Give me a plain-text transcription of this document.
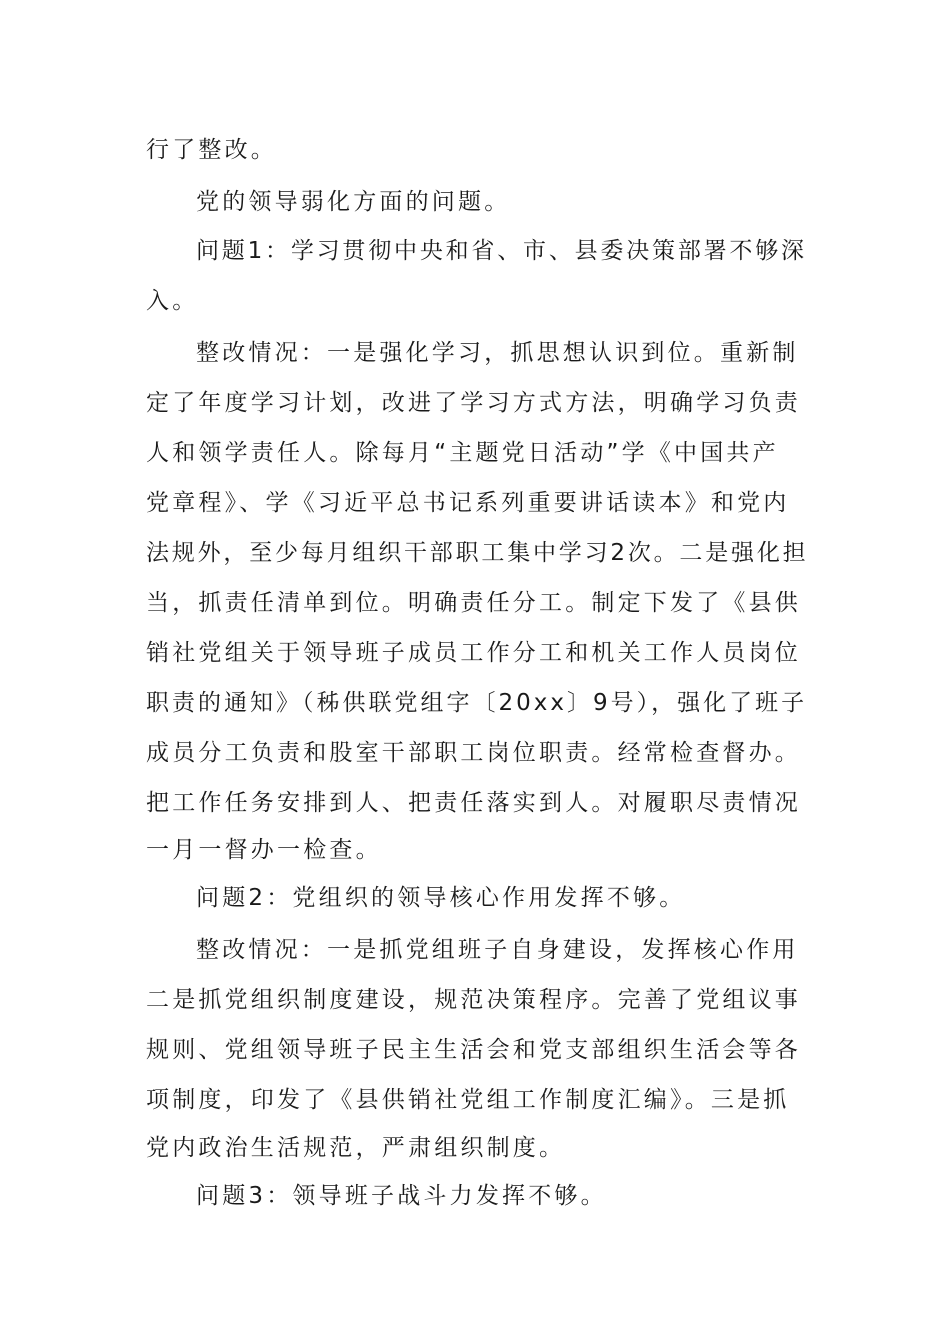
行了整改。

党的领导弱化方面的问题。

问题1：学习贯彻中央和省、市、县委决策部署不够深

入。

整改情况：一是强化学习，抓思想认识到位。重新制

定了年度学习计划，改进了学习方式方法，明确学习负责

人和领学责任人。除每月“主题党日活动”学《中国共产

党章程》、学《习近平总书记系列重要讲话读本》和党内

法规外，至少每月组织干部职工集中学习2次。二是强化担

当，抓责任清单到位。明确责任分工。制定下发了《县供

销社党组关于领导班子成员工作分工和机关工作人员岗位

职责的通知》（秭供联党组字〔20xx〕9号），强化了班子

成员分工负责和股室干部职工岗位职责。经常检查督办。

把工作任务安排到人、把责任落实到人。对履职尽责情况

一月一督办一检查。

问题2：党组织的领导核心作用发挥不够。

整改情况：一是抓党组班子自身建设，发挥核心作用

二是抓党组织制度建设，规范决策程序。完善了党组议事

规则、党组领导班子民主生活会和党支部组织生活会等各

项制度，印发了《县供销社党组工作制度汇编》。三是抓

党内政治生活规范，严肃组织制度。

问题3：领导班子战斗力发挥不够。
